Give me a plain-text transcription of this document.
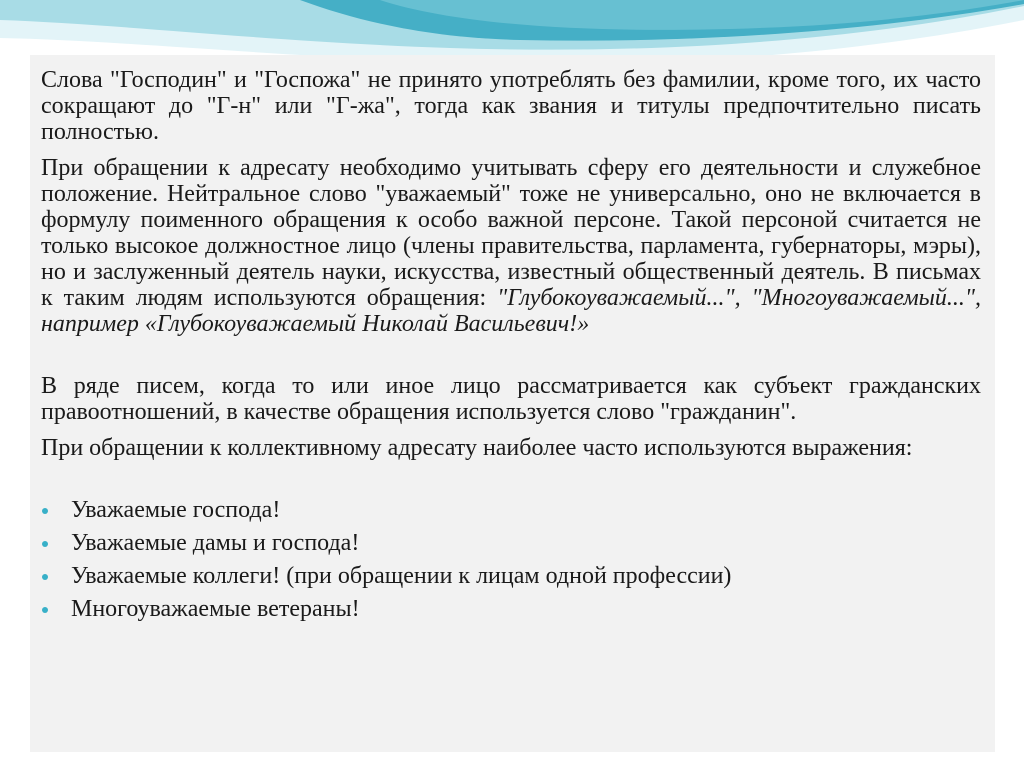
Слова "Господин" и "Госпожа" не принято употреблять без фамилии, кроме того, их часто сокращают до "Г-н" или "Г-жа", тогда как звания и титулы предпочтительно писать полностью.

При обращении к адресату необходимо учитывать сферу его деятельности и служебное положение. Нейтральное слово "уважаемый" тоже не универсально, оно не включается в формулу поименного обращения к особо важной персоне. Такой персоной считается не только высокое должностное лицо (члены правительства, парламента, губернаторы, мэры), но и заслуженный деятель науки, искусства, известный общественный деятель. В письмах к таким людям используются обращения: "Глубокоуважаемый...", "Многоуважаемый...", например «Глубокоуважаемый Николай Васильевич!»

В ряде писем, когда то или иное лицо рассматривается как субъект гражданских правоотношений, в качестве обращения используется слово "гражданин".

При обращении к коллективному адресату наиболее часто используются выражения:

Уважаемые господа!
Уважаемые дамы и господа!
Уважаемые коллеги! (при обращении к лицам одной профессии)
Многоуважаемые ветераны!
